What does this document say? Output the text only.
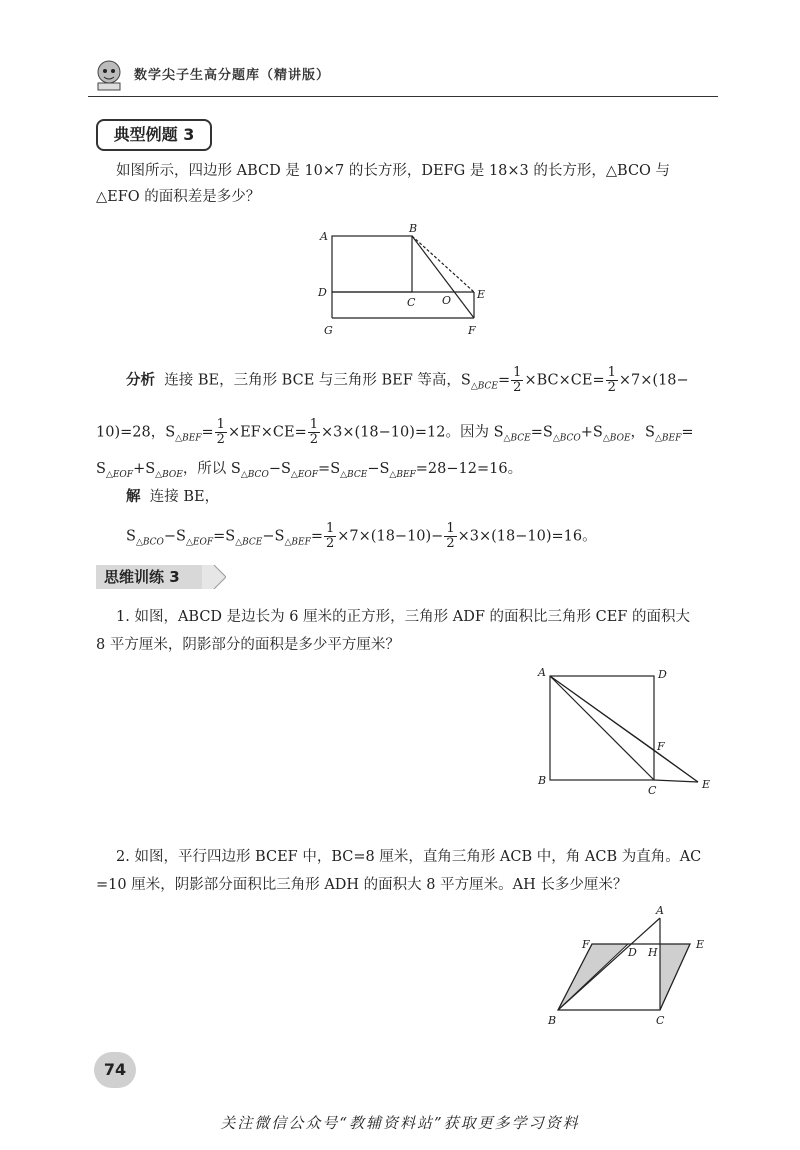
数学尖子生高分题库（精讲版）
典型例题 3
如图所示，四边形 ABCD 是 10×7 的长方形，DEFG 是 18×3 的长方形，△BCO 与
△EFO 的面积差是多少？
A
B
C
D	E
F
G
O
分析 连接 BE，三角形 BCE 与三角形 BEF 等高，$S_{\triangle BCE}= \frac{1}{2} \times BC\times CE= \frac{1}{2} \times 7\times(18-$
10)=28，$S_{\triangle BEF}= \frac{1}{2} \times EF\times CE= \frac{1}{2} \times 3\times(18-10)=12$。因为 $S_{\triangle BCE}=S_{\triangle BCO}+S_{\triangle BOE}$，$S_{\triangle BEF}=$
$S_{\triangle EOF}+S_{\triangle BOE}$，所以 $S_{\triangle BCO}-S_{\triangle EOF}=S_{\triangle BCE}-S_{\triangle BEF}=28-12=16$。
解 连接 BE，
$S_{\triangle BCO}-S_{\triangle EOF}=S_{\triangle BCE}-S_{\triangle BEF}= \frac{1}{2} \times 7\times(18-10)- \frac{1}{2} \times 3\times(18-10)=16$。
思维训练 3
1. 如图，ABCD 是边长为 6 厘米的正方形，三角形 ADF 的面积比三角形 CEF 的面积大
8 平方厘米，阴影部分的面积是多少平方厘米？
A
B
C
D
E
F
2. 如图，平行四边形 BCEF 中，BC=8 厘米，直角三角形 ACB 中，角 ACB 为直角。AC
=10 厘米，阴影部分面积比三角形 ADH 的面积大 8 平方厘米。AH 长多少厘米？
A
B	C
D
E
F
H
74
关注微信公众号“教辅资料站”获取更多学习资料
